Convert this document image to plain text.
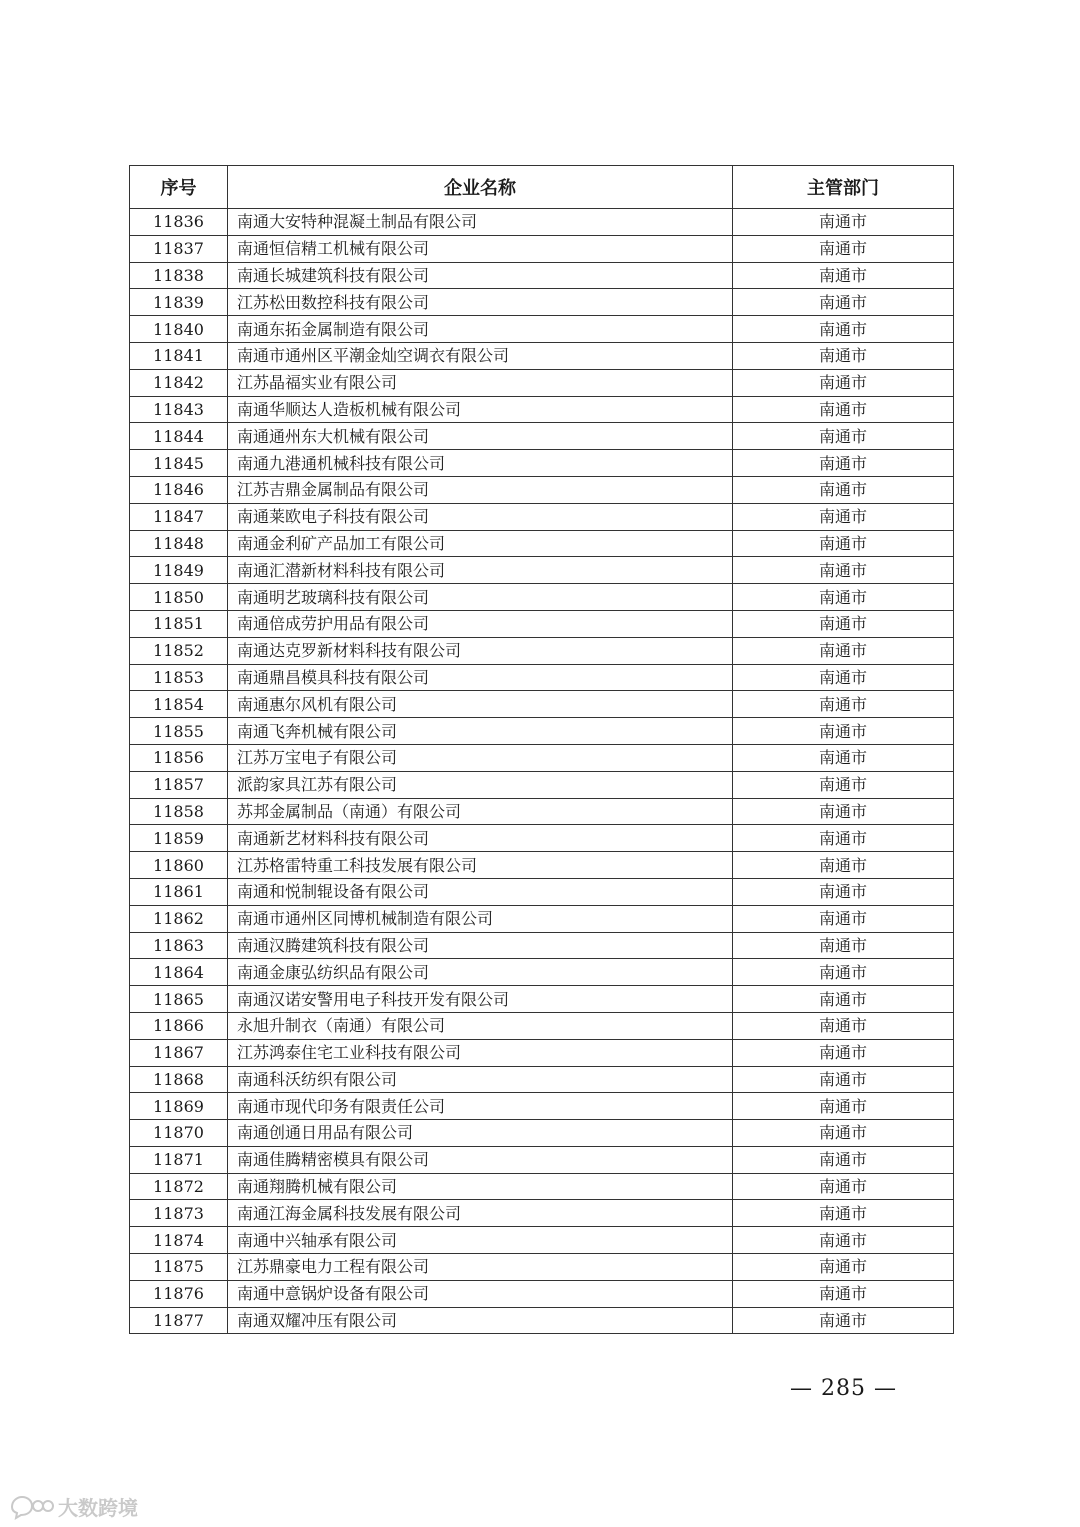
序号	企业名称	主管部门
11836	南通大安特种混凝土制品有限公司	南通市
11837	南通恒信精工机械有限公司	南通市
11838	南通长城建筑科技有限公司	南通市
11839	江苏松田数控科技有限公司	南通市
11840	南通东拓金属制造有限公司	南通市
11841	南通市通州区平潮金灿空调衣有限公司	南通市
11842	江苏晶福实业有限公司	南通市
11843	南通华顺达人造板机械有限公司	南通市
11844	南通通州东大机械有限公司	南通市
11845	南通九港通机械科技有限公司	南通市
11846	江苏吉鼎金属制品有限公司	南通市
11847	南通莱欧电子科技有限公司	南通市
11848	南通金利矿产品加工有限公司	南通市
11849	南通汇潜新材料科技有限公司	南通市
11850	南通明艺玻璃科技有限公司	南通市
11851	南通倍成劳护用品有限公司	南通市
11852	南通达克罗新材料科技有限公司	南通市
11853	南通鼎昌模具科技有限公司	南通市
11854	南通惠尔风机有限公司	南通市
11855	南通飞奔机械有限公司	南通市
11856	江苏万宝电子有限公司	南通市
11857	派韵家具江苏有限公司	南通市
11858	苏邦金属制品（南通）有限公司	南通市
11859	南通新艺材料科技有限公司	南通市
11860	江苏格雷特重工科技发展有限公司	南通市
11861	南通和悦制辊设备有限公司	南通市
11862	南通市通州区同博机械制造有限公司	南通市
11863	南通汉腾建筑科技有限公司	南通市
11864	南通金康弘纺织品有限公司	南通市
11865	南通汉诺安警用电子科技开发有限公司	南通市
11866	永旭升制衣（南通）有限公司	南通市
11867	江苏鸿泰住宅工业科技有限公司	南通市
11868	南通科沃纺织有限公司	南通市
11869	南通市现代印务有限责任公司	南通市
11870	南通创通日用品有限公司	南通市
11871	南通佳腾精密模具有限公司	南通市
11872	南通翔腾机械有限公司	南通市
11873	南通江海金属科技发展有限公司	南通市
11874	南通中兴轴承有限公司	南通市
11875	江苏鼎豪电力工程有限公司	南通市
11876	南通中意锅炉设备有限公司	南通市
11877	南通双耀冲压有限公司	南通市
— 285 —
大数跨境
